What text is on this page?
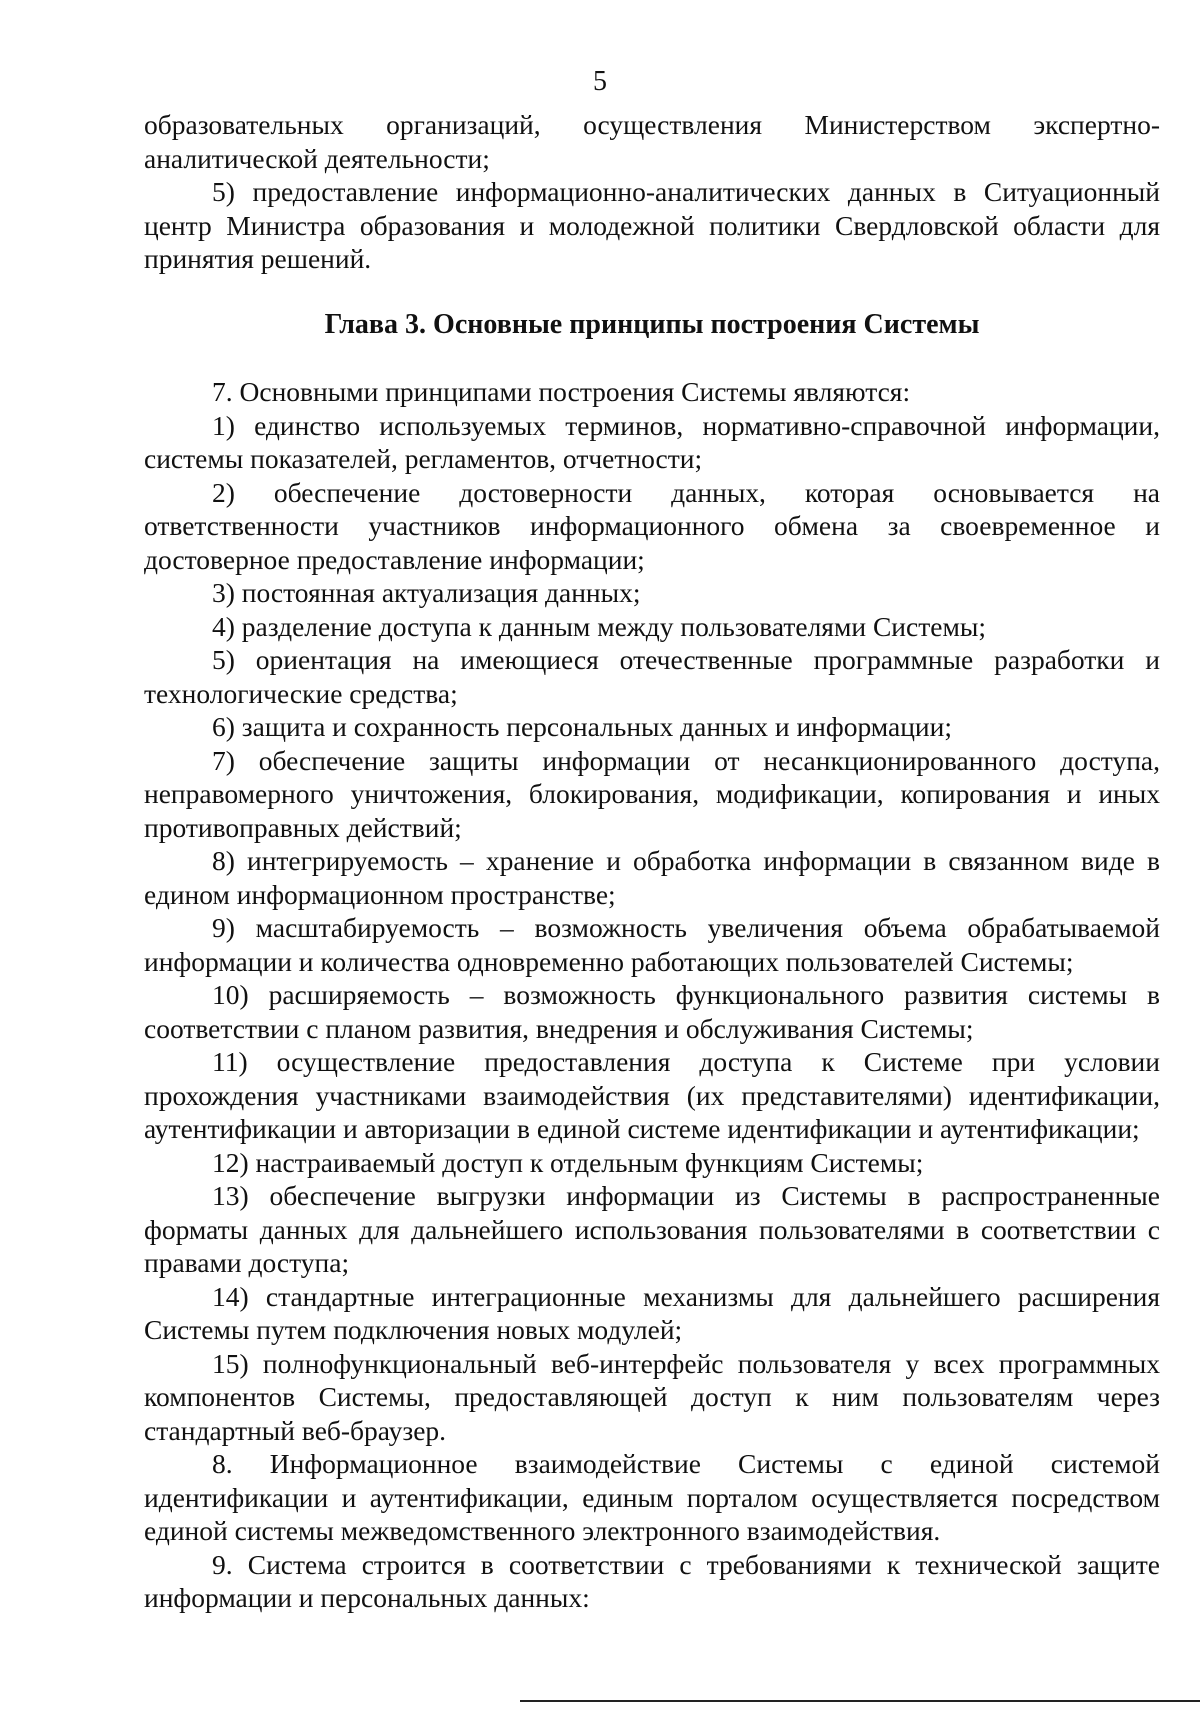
5

образовательных организаций, осуществления Министерством экспертно-аналитической деятельности;

5) предоставление информационно-аналитических данных в Ситуационный центр Министра образования и молодежной политики Свердловской области для принятия решений.

Глава 3. Основные принципы построения Системы

7. Основными принципами построения Системы являются:

1) единство используемых терминов, нормативно-справочной информации, системы показателей, регламентов, отчетности;

2) обеспечение достоверности данных, которая основывается на ответственности участников информационного обмена за своевременное и достоверное предоставление информации;

3) постоянная актуализация данных;

4) разделение доступа к данным между пользователями Системы;

5) ориентация на имеющиеся отечественные программные разработки и технологические средства;

6) защита и сохранность персональных данных и информации;

7) обеспечение защиты информации от несанкционированного доступа, неправомерного уничтожения, блокирования, модификации, копирования и иных противоправных действий;

8) интегрируемость – хранение и обработка информации в связанном виде в едином информационном пространстве;

9) масштабируемость – возможность увеличения объема обрабатываемой информации и количества одновременно работающих пользователей Системы;

10) расширяемость – возможность функционального развития системы в соответствии с планом развития, внедрения и обслуживания Системы;

11) осуществление предоставления доступа к Системе при условии прохождения участниками взаимодействия (их представителями) идентификации, аутентификации и авторизации в единой системе идентификации и аутентификации;

12) настраиваемый доступ к отдельным функциям Системы;

13) обеспечение выгрузки информации из Системы в распространенные форматы данных для дальнейшего использования пользователями в соответствии с правами доступа;

14) стандартные интеграционные механизмы для дальнейшего расширения Системы путем подключения новых модулей;

15) полнофункциональный веб-интерфейс пользователя у всех программных компонентов Системы, предоставляющей доступ к ним пользователям через стандартный веб-браузер.

8. Информационное взаимодействие Системы с единой системой идентификации и аутентификации, единым порталом осуществляется посредством единой системы межведомственного электронного взаимодействия.

9. Система строится в соответствии с требованиями к технической защите информации и персональных данных:
